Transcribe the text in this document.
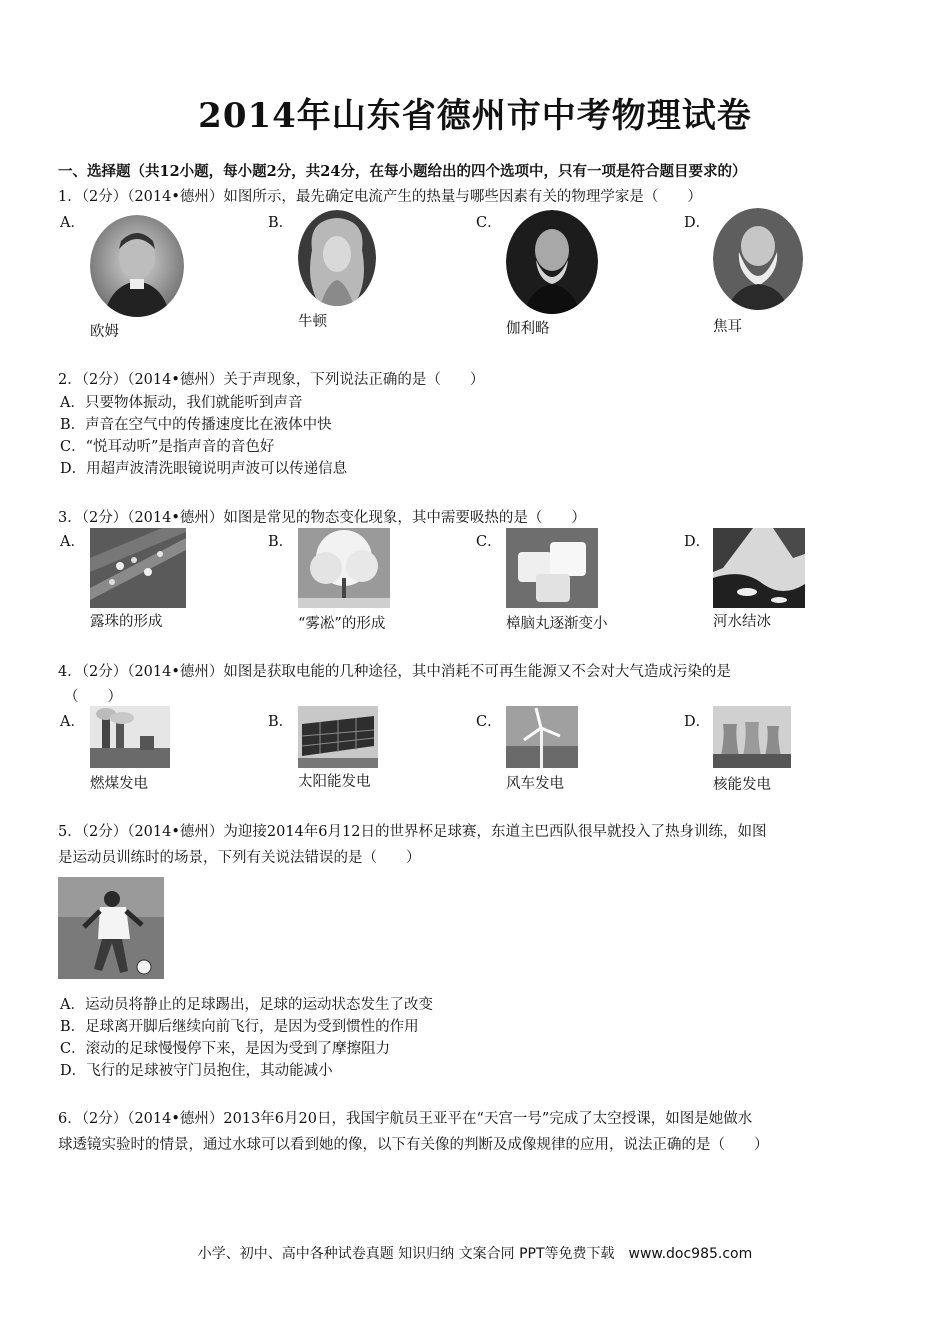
2014年山东省德州市中考物理试卷
一、选择题（共12小题，每小题2分，共24分，在每小题给出的四个选项中，只有一项是符合题目要求的）
1．（2分）（2014•德州）如图所示，最先确定电流产生的热量与哪些因素有关的物理学家是（　　）
A．	B．	C．	D．
欧姆
牛顿	伽利略	焦耳
2．（2分）（2014•德州）关于声现象，下列说法正确的是（　　）
A．只要物体振动，我们就能听到声音
B．声音在空气中的传播速度比在液体中快
C．“悦耳动听”是指声音的音色好
D．用超声波清洗眼镜说明声波可以传递信息
3．（2分）（2014•德州）如图是常见的物态变化现象，其中需要吸热的是（　　）
A．	B．	C．	D．
露珠的形成	“雾凇”的形成	樟脑丸逐渐变小	河水结冰
4．（2分）（2014•德州）如图是获取电能的几种途径，其中消耗不可再生能源又不会对大气造成污染的是
（　　）
A．	B．	C．	D．
燃煤发电	太阳能发电	风车发电	核能发电
5．（2分）（2014•德州）为迎接2014年6月12日的世界杯足球赛，东道主巴西队很早就投入了热身训练，如图
是运动员训练时的场景，下列有关说法错误的是（　　）
A．运动员将静止的足球踢出，足球的运动状态发生了改变
B．足球离开脚后继续向前飞行，是因为受到惯性的作用
C．滚动的足球慢慢停下来，是因为受到了摩擦阻力
D．飞行的足球被守门员抱住，其动能减小
6．（2分）（2014•德州）2013年6月20日，我国宇航员王亚平在“天宫一号”完成了太空授课，如图是她做水
球透镜实验时的情景，通过水球可以看到她的像，以下有关像的判断及成像规律的应用，说法正确的是（　　）
小学、初中、高中各种试卷真题 知识归纳 文案合同 PPT等免费下载　www.doc985.com
